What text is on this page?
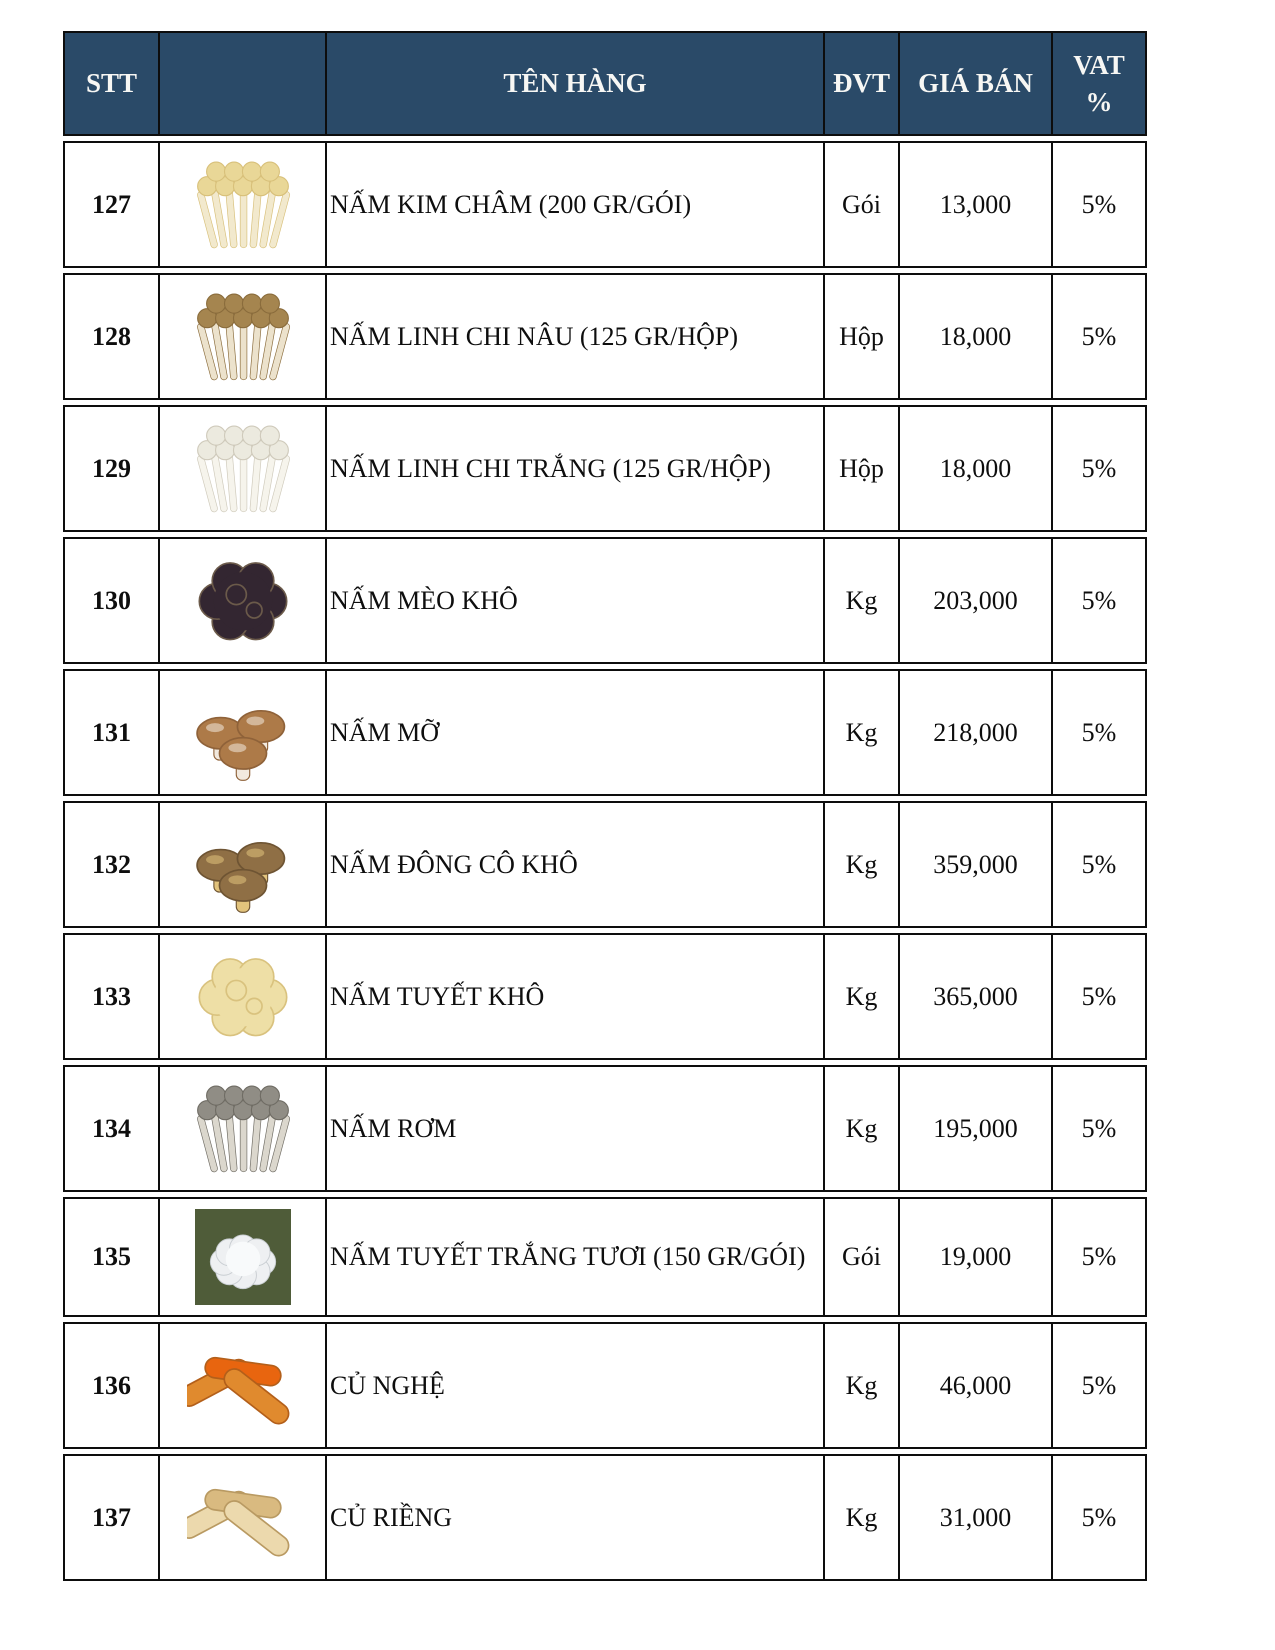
STT		TÊN HÀNG	ĐVT	GIÁ BÁN	VAT %
127		NẤM KIM CHÂM (200 GR/GÓI)	Gói	13,000	5%
128		NẤM LINH CHI NÂU (125 GR/HỘP)	Hộp	18,000	5%
129		NẤM LINH CHI TRẮNG (125 GR/HỘP)	Hộp	18,000	5%
130		NẤM MÈO KHÔ	Kg	203,000	5%
131		NẤM MỠ	Kg	218,000	5%
132		NẤM ĐÔNG CÔ KHÔ	Kg	359,000	5%
133		NẤM TUYẾT KHÔ	Kg	365,000	5%
134		NẤM RƠM	Kg	195,000	5%
135		NẤM TUYẾT TRẮNG TƯƠI (150 GR/GÓI)	Gói	19,000	5%
136		CỦ NGHỆ	Kg	46,000	5%
137		CỦ RIỀNG	Kg	31,000	5%
